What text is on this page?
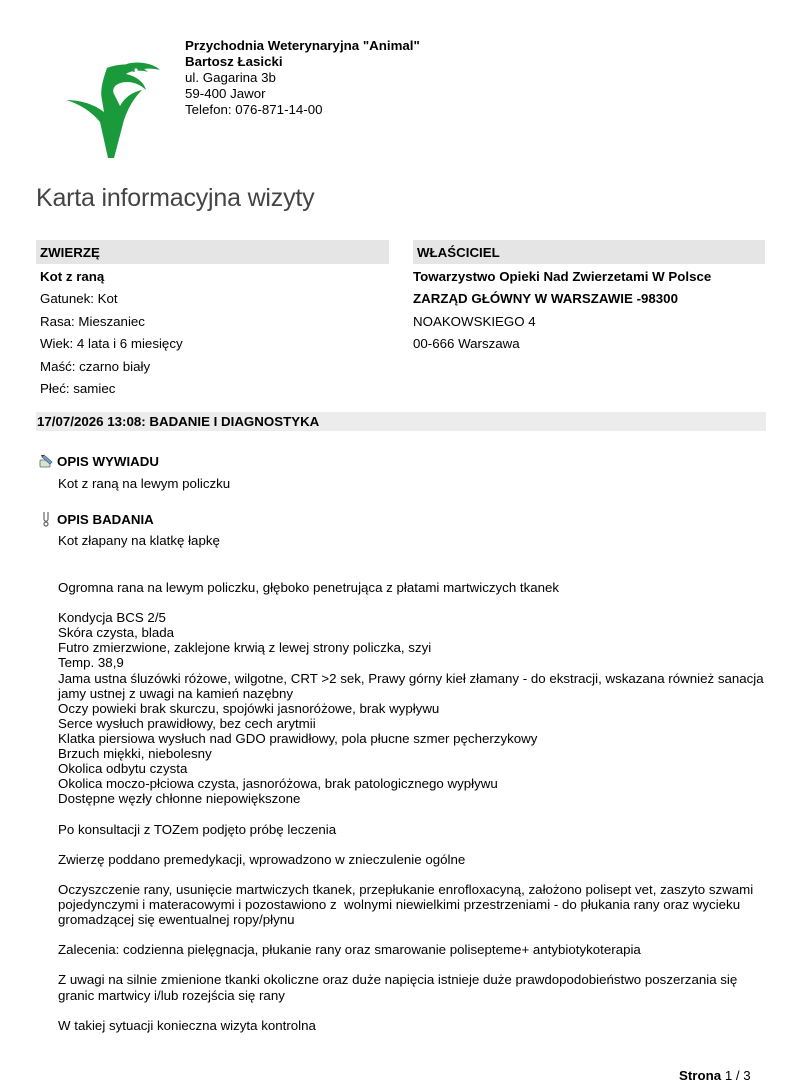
Przychodnia Weterynaryjna "Animal"
Bartosz Łasicki
ul. Gagarina 3b
59-400 Jawor
Telefon: 076-871-14-00
Karta informacyjna wizyty
ZWIERZĘ
Kot z raną
Gatunek: Kot
Rasa: Mieszaniec
Wiek: 4 lata i 6 miesięcy
Maść: czarno biały
Płeć: samiec
WŁAŚCICIEL
Towarzystwo Opieki Nad Zwierzetami W Polsce
ZARZĄD GŁÓWNY W WARSZAWIE -98300
NOAKOWSKIEGO 4
00-666 Warszawa
17/07/2026 13:08: BADANIE I DIAGNOSTYKA
OPIS WYWIADU
Kot z raną na lewym policzku
OPIS BADANIA
Kot złapany na klatkę łapkę
Ogromna rana na lewym policzku, głęboko penetrująca z płatami martwiczych tkanek

Kondycja BCS 2/5
Skóra czysta, blada
Futro zmierzwione, zaklejone krwią z lewej strony policzka, szyi
Temp. 38,9
Jama ustna śluzówki różowe, wilgotne, CRT >2 sek, Prawy górny kieł złamany - do ekstracji, wskazana również sanacja jamy ustnej z uwagi na kamień nazębny
Oczy powieki brak skurczu, spojówki jasnoróżowe, brak wypływu
Serce wysłuch prawidłowy, bez cech arytmii
Klatka piersiowa wysłuch nad GDO prawidłowy, pola płucne szmer pęcherzykowy
Brzuch miękki, niebolesny
Okolica odbytu czysta
Okolica moczo-płciowa czysta, jasnoróżowa, brak patologicznego wypływu
Dostępne węzły chłonne niepowiększone

Po konsultacji z TOZem podjęto próbę leczenia

Zwierzę poddano premedykacji, wprowadzono w znieczulenie ogólne

Oczyszczenie rany, usunięcie martwiczych tkanek, przepłukanie enrofloxacyną, założono polisept vet, zaszyto szwami pojedynczymi i materacowymi i pozostawiono z  wolnymi niewielkimi przestrzeniami - do płukania rany oraz wycieku gromadzącej się ewentualnej ropy/płynu

Zalecenia: codzienna pielęgnacja, płukanie rany oraz smarowanie polisepteme+ antybiotykoterapia

Z uwagi na silnie zmienione tkanki okoliczne oraz duże napięcia istnieje duże prawdopodobieństwo poszerzania się granic martwicy i/lub rozejścia się rany

W takiej sytuacji konieczna wizyta kontrolna
Strona 1 / 3
